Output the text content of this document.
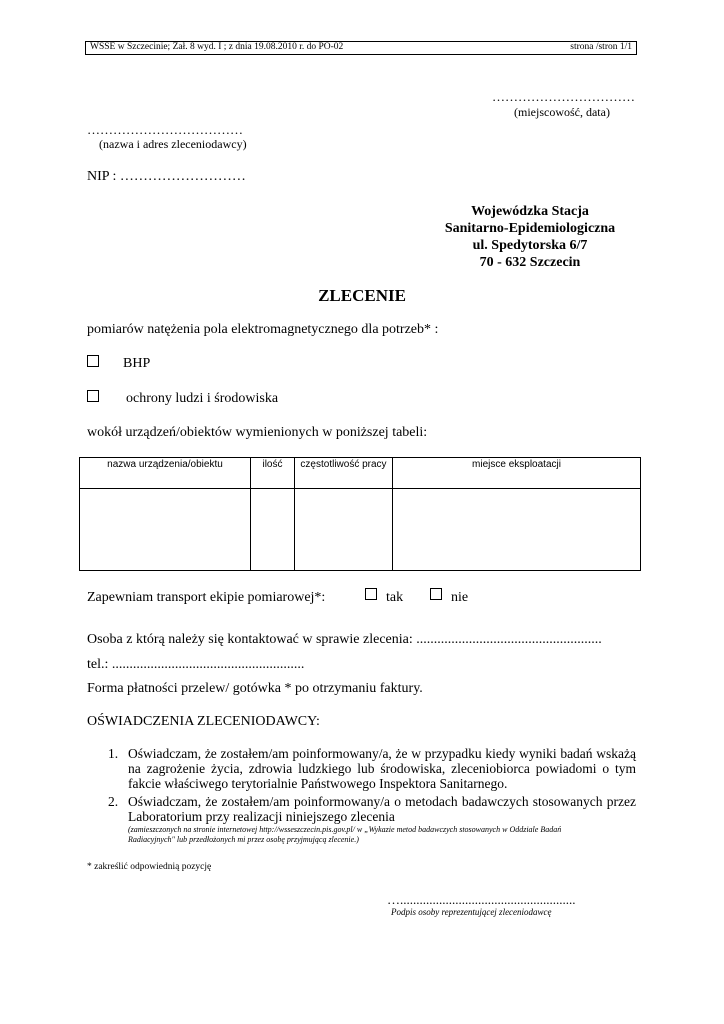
WSSE w Szczecinie; Zał. 8 wyd. I ; z dnia 19.08.2010 r. do PO-02	strona /stron 1/1
……………………………
(miejscowość, data)
………………………………
(nazwa i adres zleceniodawcy)
NIP : ………………………
Wojewódzka Stacja
Sanitarno-Epidemiologiczna
ul. Spedytorska 6/7
70 - 632 Szczecin
ZLECENIE
pomiarów natężenia pola elektromagnetycznego dla potrzeb* :
BHP
ochrony ludzi i środowiska
wokół urządzeń/obiektów wymienionych w poniższej tabeli:
nazwa urządzenia/obiektu	ilość	częstotliwość pracy	miejsce eksploatacji

Zapewniam transport ekipie pomiarowej*:	tak	nie
Osoba z którą należy się kontaktować w sprawie zlecenia: .....................................................
tel.: .......................................................
Forma płatności przelew/ gotówka * po otrzymaniu faktury.
OŚWIADCZENIA ZLECENIODAWCY:
1. Oświadczam, że zostałem/am poinformowany/a, że w przypadku kiedy wyniki badań wskażą na zagrożenie życia, zdrowia ludzkiego lub środowiska, zleceniobiorca powiadomi o tym fakcie właściwego terytorialnie Państwowego Inspektora Sanitarnego.
2. Oświadczam, że zostałem/am poinformowany/a o metodach badawczych stosowanych przez Laboratorium przy realizacji niniejszego zlecenia
(zamieszczonych na stronie internetowej http://wsseszczecin.pis.gov.pl/ w „Wykazie metod badawczych stosowanych w Oddziale Badań Radiacyjnych" lub przedłożonych mi przez osobę przyjmującą zlecenie.)
* zakreślić odpowiednią pozycję
…......................................................
Podpis osoby reprezentującej zleceniodawcę
